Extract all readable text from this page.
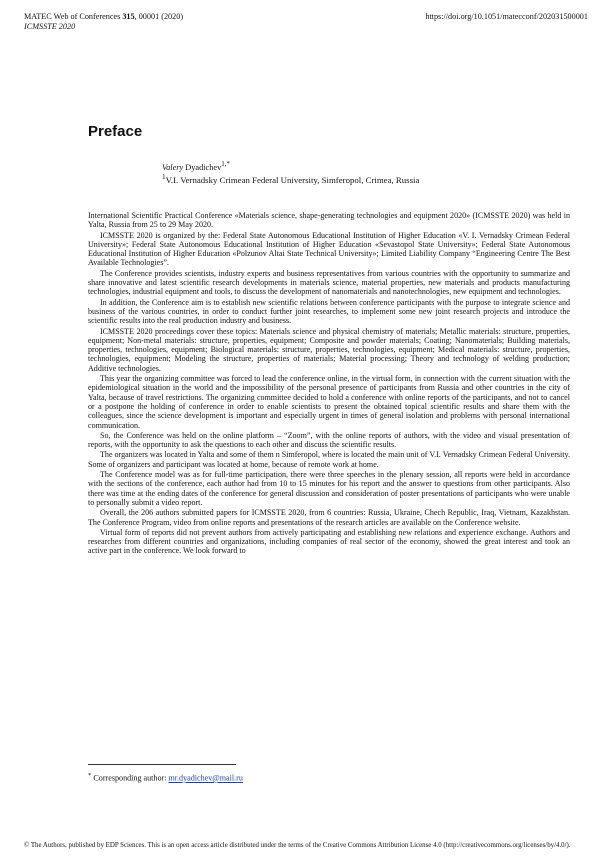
MATEC Web of Conferences 315, 00001 (2020)
ICMSSTE 2020
https://doi.org/10.1051/matecconf/202031500001
Preface
Valery Dyadichev$^{1,*}$
$^1$V.I. Vernadsky Crimean Federal University, Simferopol, Crimea, Russia

International Scientific Practical Conference «Materials science, shape-generating technologies and equipment 2020» (ICMSSTE 2020) was held in Yalta, Russia from 25 to 29 May 2020.

ICMSSTE 2020 is organized by the: Federal State Autonomous Educational Institution of Higher Education «V. I. Vernadsky Crimean Federal University»; Federal State Autonomous Educational Institution of Higher Education «Sevastopol State University»; Federal State Autonomous Educational Institution of Higher Education «Polzunov Altai State Technical University»; Limited Liability Company “Engineering Centre The Best Available Technologies”.

The Conference provides scientists, industry experts and business representatives from various countries with the opportunity to summarize and share innovative and latest scientific research developments in materials science, material properties, new materials and products manufacturing technologies, industrial equipment and tools, to discuss the development of nanomaterials and nanotechnologies, new equipment and technologies.

In addition, the Conference aim is to establish new scientific relations between conference participants with the purpose to integrate science and business of the various countries, in order to conduct further joint researches, to implement some new joint research projects and introduce the scientific results into the real production industry and business.

ICMSSTE 2020 proceedings cover these topics: Materials science and physical chemistry of materials; Metallic materials: structure, properties, equipment; Non-metal materials: structure, properties, equipment; Composite and powder materials; Coating; Nanomaterials; Building materials, properties, technologies, equipment; Biological materials: structure, properties, technologies, equipment; Medical materials: structure, properties, technologies, equipment; Modeling the structure, properties of materials; Material processing; Theory and technology of welding production; Additive technologies.

This year the organizing committee was forced to lead the conference online, in the virtual form, in connection with the current situation with the epidemiological situation in the world and the impossibility of the personal presence of participants from Russia and other countries in the city of Yalta, because of travel restrictions. The organizing committee decided to hold a conference with online reports of the participants, and not to cancel or a postpone the holding of conference in order to enable scientists to present the obtained topical scientific results and share them with the colleagues, since the science development is important and especially urgent in times of general isolation and problems with personal international communication.

So, the Conference was held on the online platform – “Zoom”, with the online reports of authors, with the video and visual presentation of reports, with the opportunity to ask the questions to each other and discuss the scientific results.

The organizers was located in Yalta and some of them n Simferopol, where is located the main unit of V.I. Vernadsky Crimean Federal University. Some of organizers and participant was located at home, because of remote work at home.

The Conference model was as for full-time participation, there were three speeches in the plenary session, all reports were held in accordance with the sections of the conference, each author had from 10 to 15 minutes for his report and the answer to questions from other participants. Also there was time at the ending dates of the conference for general discussion and consideration of poster presentations of participants who were unable to personally submit a video report.

Overall, the 206 authors submitted papers for ICMSSTE 2020, from 6 countries: Russia, Ukraine, Chech Republic, Iraq, Vietnam, Kazakhstan. The Conference Program, video from online reports and presentations of the research articles are available on the Conference website.

Virtual form of reports did not prevent authors from actively participating and establishing new relations and experience exchange. Authors and researches from different countries and organizations, including companies of real sector of the economy, showed the great interest and took an active part in the conference. We look forward to

* Corresponding author: mr.dyadichev@mail.ru
© The Authors, published by EDP Sciences. This is an open access article distributed under the terms of the Creative Commons Attribution License 4.0 (http://creativecommons.org/licenses/by/4.0/).
